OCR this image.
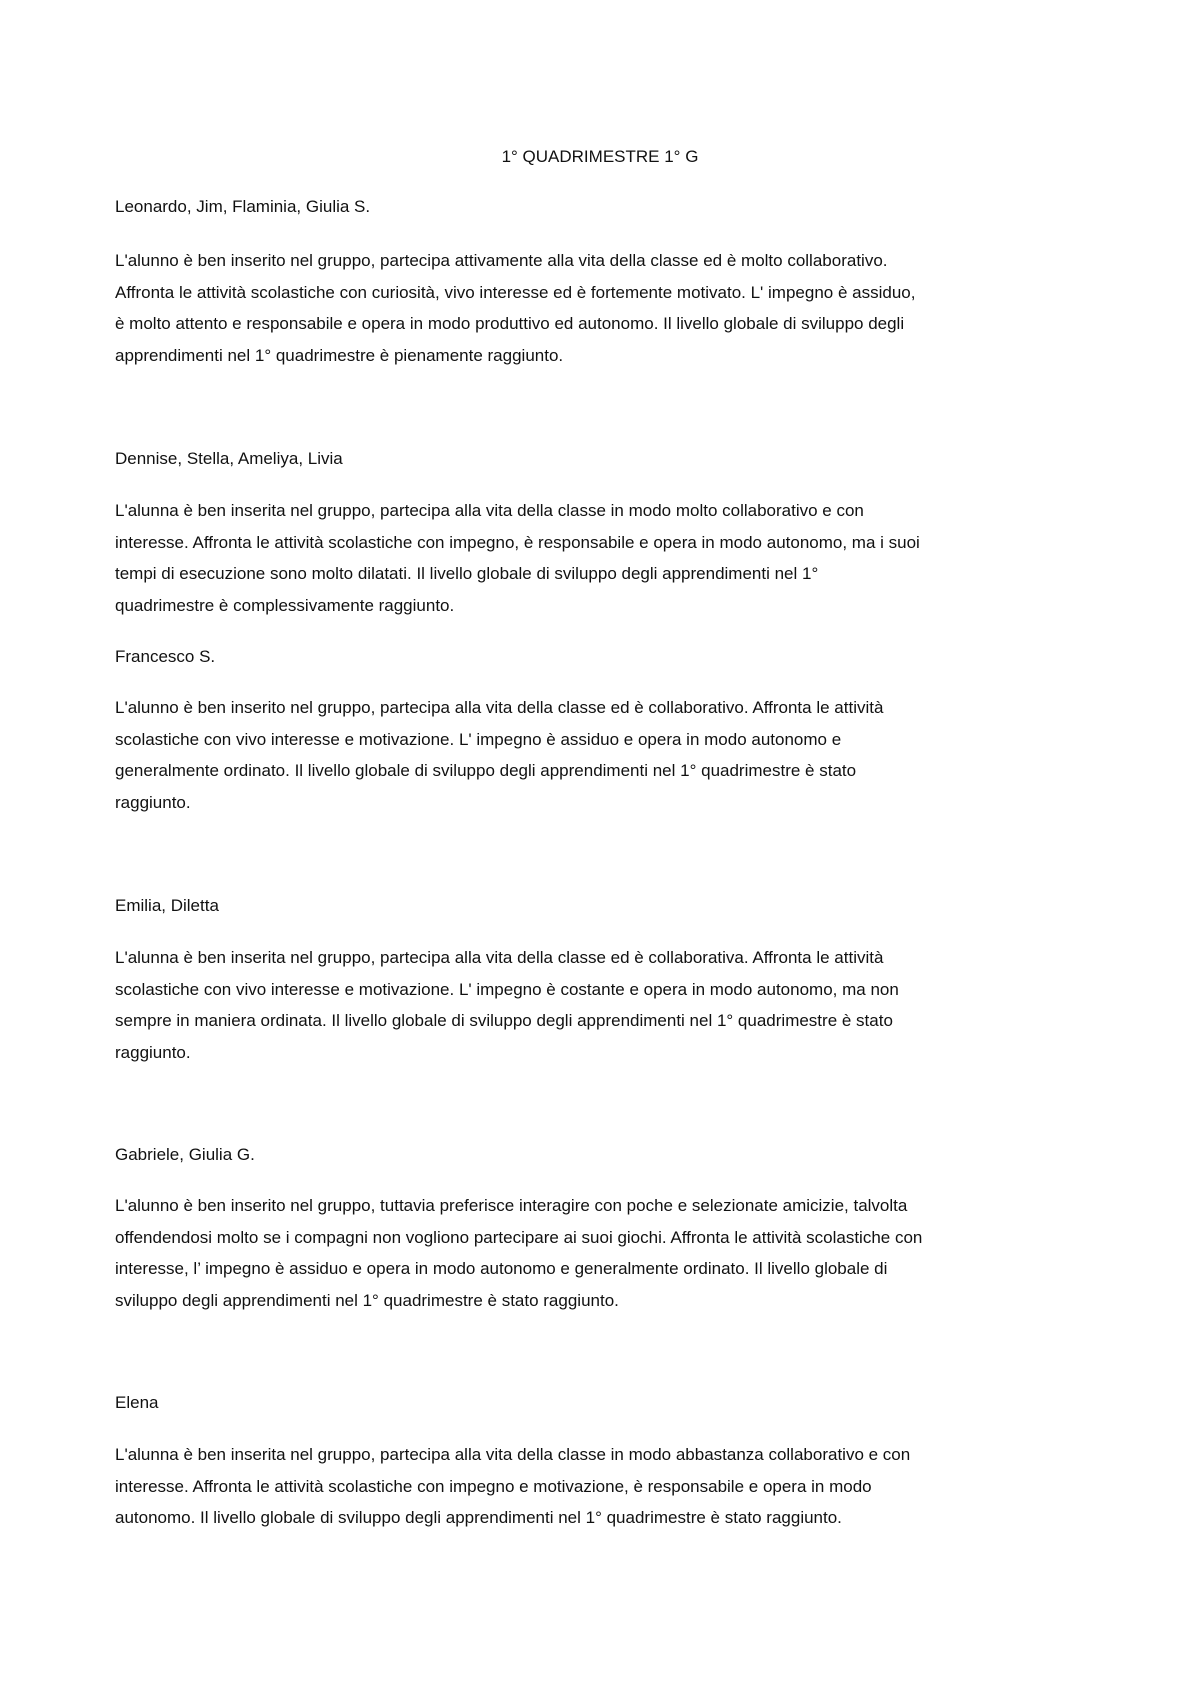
1° QUADRIMESTRE 1° G

Leonardo, Jim, Flaminia, Giulia S.

L'alunno è ben inserito nel gruppo, partecipa attivamente alla vita della classe ed è molto collaborativo.
Affronta le attività scolastiche con curiosità, vivo interesse ed è fortemente motivato. L' impegno è assiduo,
è molto attento e responsabile e opera in modo produttivo ed autonomo. Il livello globale di sviluppo degli
apprendimenti nel 1° quadrimestre è pienamente raggiunto.

Dennise, Stella, Ameliya, Livia

L'alunna è ben inserita nel gruppo, partecipa alla vita della classe in modo molto collaborativo e con
interesse. Affronta le attività scolastiche con impegno, è responsabile e opera in modo autonomo, ma i suoi
tempi di esecuzione sono molto dilatati. Il livello globale di sviluppo degli apprendimenti nel 1°
quadrimestre è complessivamente raggiunto.

Francesco S.

L'alunno è ben inserito nel gruppo, partecipa alla vita della classe ed è collaborativo. Affronta le attività
scolastiche con vivo interesse e motivazione. L' impegno è assiduo e opera in modo autonomo e
generalmente ordinato. Il livello globale di sviluppo degli apprendimenti nel 1° quadrimestre è stato
raggiunto.

Emilia, Diletta

L'alunna è ben inserita nel gruppo, partecipa alla vita della classe ed è collaborativa. Affronta le attività
scolastiche con vivo interesse e motivazione. L' impegno è costante e opera in modo autonomo, ma non
sempre in maniera ordinata. Il livello globale di sviluppo degli apprendimenti nel 1° quadrimestre è stato
raggiunto.

Gabriele, Giulia G.

L'alunno è ben inserito nel gruppo, tuttavia preferisce interagire con poche e selezionate amicizie, talvolta
offendendosi molto se i compagni non vogliono partecipare ai suoi giochi. Affronta le attività scolastiche con
interesse, l’ impegno è assiduo e opera in modo autonomo e generalmente ordinato. Il livello globale di
sviluppo degli apprendimenti nel 1° quadrimestre è stato raggiunto.

Elena

L'alunna è ben inserita nel gruppo, partecipa alla vita della classe in modo abbastanza collaborativo e con
interesse. Affronta le attività scolastiche con impegno e motivazione, è responsabile e opera in modo
autonomo. Il livello globale di sviluppo degli apprendimenti nel 1° quadrimestre è stato raggiunto.
